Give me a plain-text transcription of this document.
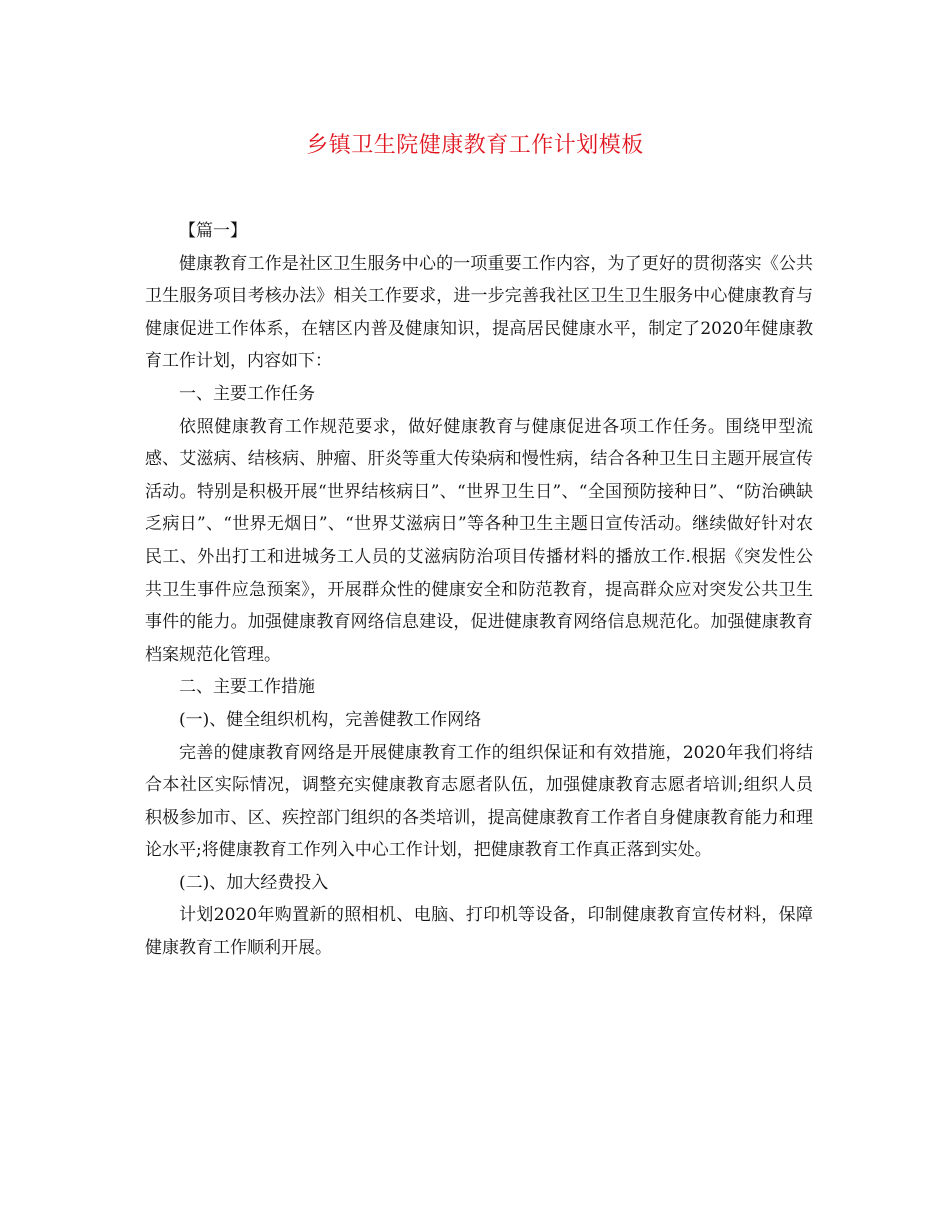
乡镇卫生院健康教育工作计划模板

【篇一】

健康教育工作是社区卫生服务中心的一项重要工作内容，为了更好的贯彻落实《公共卫生服务项目考核办法》相关工作要求，进一步完善我社区卫生卫生服务中心健康教育与健康促进工作体系，在辖区内普及健康知识，提高居民健康水平，制定了2020年健康教育工作计划，内容如下：

一、主要工作任务

依照健康教育工作规范要求，做好健康教育与健康促进各项工作任务。围绕甲型流感、艾滋病、结核病、肿瘤、肝炎等重大传染病和慢性病，结合各种卫生日主题开展宣传活动。特别是积极开展“世界结核病日”、“世界卫生日”、“全国预防接种日”、“防治碘缺乏病日”、“世界无烟日”、“世界艾滋病日”等各种卫生主题日宣传活动。继续做好针对农民工、外出打工和进城务工人员的艾滋病防治项目传播材料的播放工作.根据《突发性公共卫生事件应急预案》，开展群众性的健康安全和防范教育，提高群众应对突发公共卫生事件的能力。加强健康教育网络信息建设，促进健康教育网络信息规范化。加强健康教育档案规范化管理。

二、主要工作措施

(一)、健全组织机构，完善健教工作网络

完善的健康教育网络是开展健康教育工作的组织保证和有效措施，2020年我们将结合本社区实际情况，调整充实健康教育志愿者队伍，加强健康教育志愿者培训;组织人员积极参加市、区、疾控部门组织的各类培训，提高健康教育工作者自身健康教育能力和理论水平;将健康教育工作列入中心工作计划，把健康教育工作真正落到实处。

(二)、加大经费投入

计划2020年购置新的照相机、电脑、打印机等设备，印制健康教育宣传材料，保障健康教育工作顺利开展。
